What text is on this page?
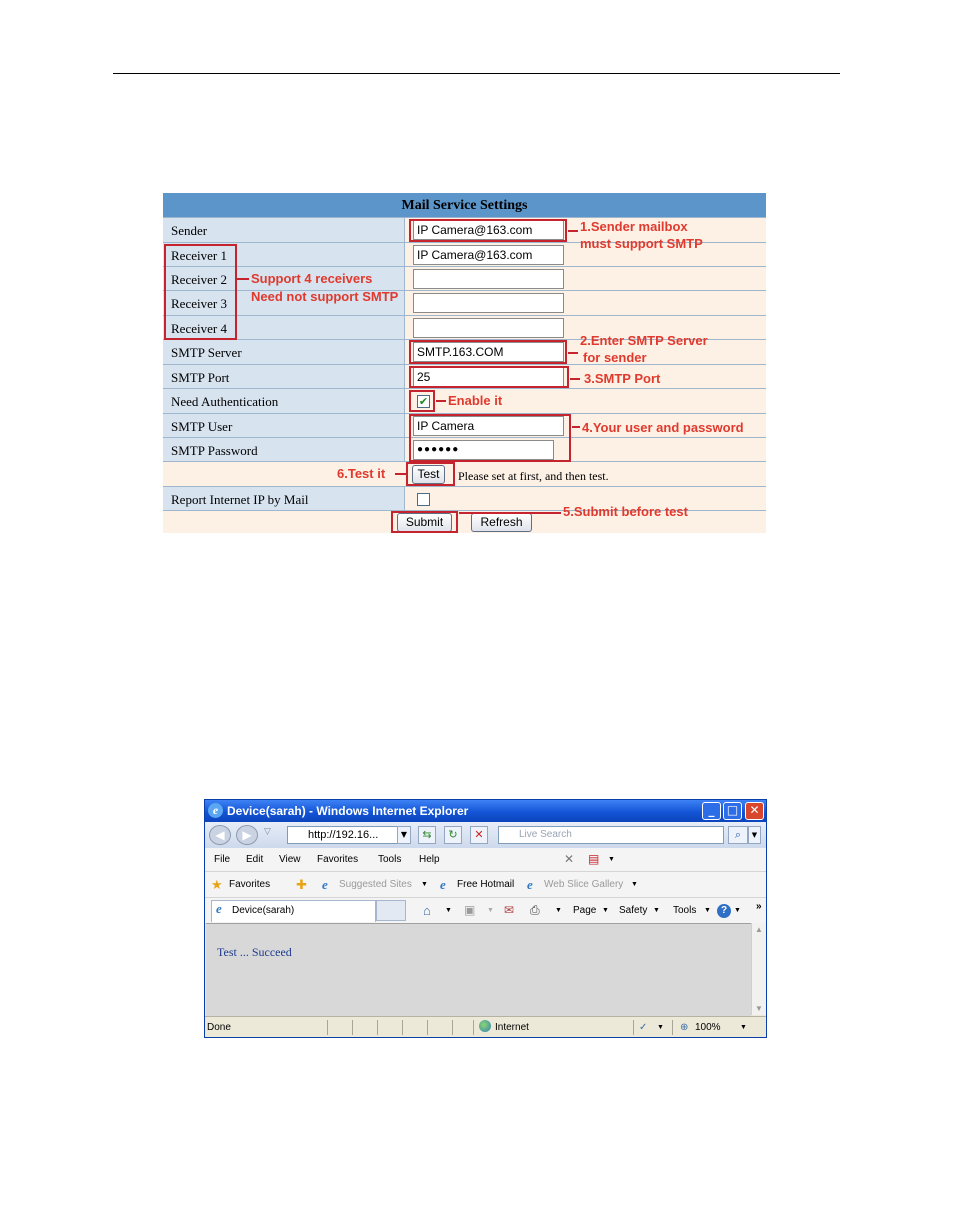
Mail Service Settings
Sender	IP Camera@163.com
Receiver 1	IP Camera@163.com
Receiver 2
Receiver 3
Receiver 4
SMTP Server	SMTP.163.COM
SMTP Port	25
Need Authentication	✔
SMTP User	IP Camera
SMTP Password	●●●●●●
Test	Please set at first, and then test.
Report Internet IP by Mail
Submit	Refresh
1.Sender mailbox
must support SMTP
Support 4 receivers
Need not support SMTP
2.Enter SMTP Server
for sender
3.SMTP Port
Enable it
4.Your user and password
6.Test it
5.Submit before test
e Device(sarah) - Windows Internet Explorer	_	□ ✕
◀	▶	▽	http://192.16...	▼	⇆	↻	✕	Live Search	⌕	▼
File Edit View Favorites Tools Help	✕ ▤ ▼
★ Favorites ✚ e Suggested Sites ▼ e Free Hotmail e Web Slice Gallery ▼
e Device(sarah)	⌂ ▼ ▣ ▼ ✉ ⎙ ▼ Page ▼ Safety ▼ Tools ▼	? ▼ »
Test ... Succeed
▲
▼
Done	Internet	✓ ▼ ⊕ 100%	▼
